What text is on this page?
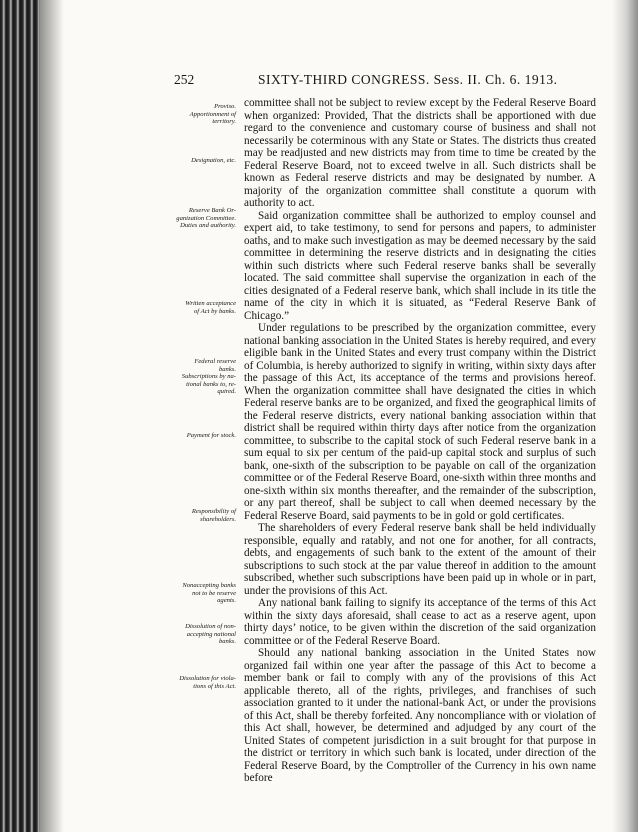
252	SIXTY-THIRD CONGRESS. Sess. II. Ch. 6. 1913.
Proviso.
Apportionment of
territory.
Designation, etc.
Reserve Bank Or-
ganization Committee.
Duties and authority.
Written acceptance
of Act by banks.
Federal reserve
banks.
Subscriptions by na-
tional banks to, re-
quired.
Payment for stock.
Responsibility of
shareholders.
Nonaccepting banks
not to be reserve
agents.
Dissolution of non-
accepting national
banks.
Dissolution for viola-
tions of this Act.

committee shall not be subject to review except by the Federal Reserve Board when organized: Provided, That the districts shall be apportioned with due regard to the convenience and customary course of business and shall not necessarily be coterminous with any State or States. The districts thus created may be readjusted and new districts may from time to time be created by the Federal Reserve Board, not to exceed twelve in all. Such districts shall be known as Federal reserve districts and may be designated by number. A majority of the organization committee shall constitute a quorum with authority to act.

Said organization committee shall be authorized to employ counsel and expert aid, to take testimony, to send for persons and papers, to administer oaths, and to make such investigation as may be deemed necessary by the said committee in determining the reserve districts and in designating the cities within such districts where such Federal reserve banks shall be severally located. The said committee shall supervise the organization in each of the cities designated of a Federal reserve bank, which shall include in its title the name of the city in which it is situated, as “Federal Reserve Bank of Chicago.”

Under regulations to be prescribed by the organization committee, every national banking association in the United States is hereby required, and every eligible bank in the United States and every trust company within the District of Columbia, is hereby authorized to signify in writing, within sixty days after the passage of this Act, its acceptance of the terms and provisions hereof. When the organization committee shall have designated the cities in which Federal reserve banks are to be organized, and fixed the geographical limits of the Federal reserve districts, every national banking association within that district shall be required within thirty days after notice from the organization committee, to subscribe to the capital stock of such Federal reserve bank in a sum equal to six per centum of the paid-up capital stock and surplus of such bank, one-sixth of the subscription to be payable on call of the organization committee or of the Federal Reserve Board, one-sixth within three months and one-sixth within six months thereafter, and the remainder of the subscription, or any part thereof, shall be subject to call when deemed necessary by the Federal Reserve Board, said payments to be in gold or gold certificates.

The shareholders of every Federal reserve bank shall be held individually responsible, equally and ratably, and not one for another, for all contracts, debts, and engagements of such bank to the extent of the amount of their subscriptions to such stock at the par value thereof in addition to the amount subscribed, whether such subscriptions have been paid up in whole or in part, under the provisions of this Act.

Any national bank failing to signify its acceptance of the terms of this Act within the sixty days aforesaid, shall cease to act as a reserve agent, upon thirty days’ notice, to be given within the discretion of the said organization committee or of the Federal Reserve Board.

Should any national banking association in the United States now organized fail within one year after the passage of this Act to become a member bank or fail to comply with any of the provisions of this Act applicable thereto, all of the rights, privileges, and franchises of such association granted to it under the national-bank Act, or under the provisions of this Act, shall be thereby forfeited. Any noncompliance with or violation of this Act shall, however, be determined and adjudged by any court of the United States of competent jurisdiction in a suit brought for that purpose in the district or territory in which such bank is located, under direction of the Federal Reserve Board, by the Comptroller of the Currency in his own name before
